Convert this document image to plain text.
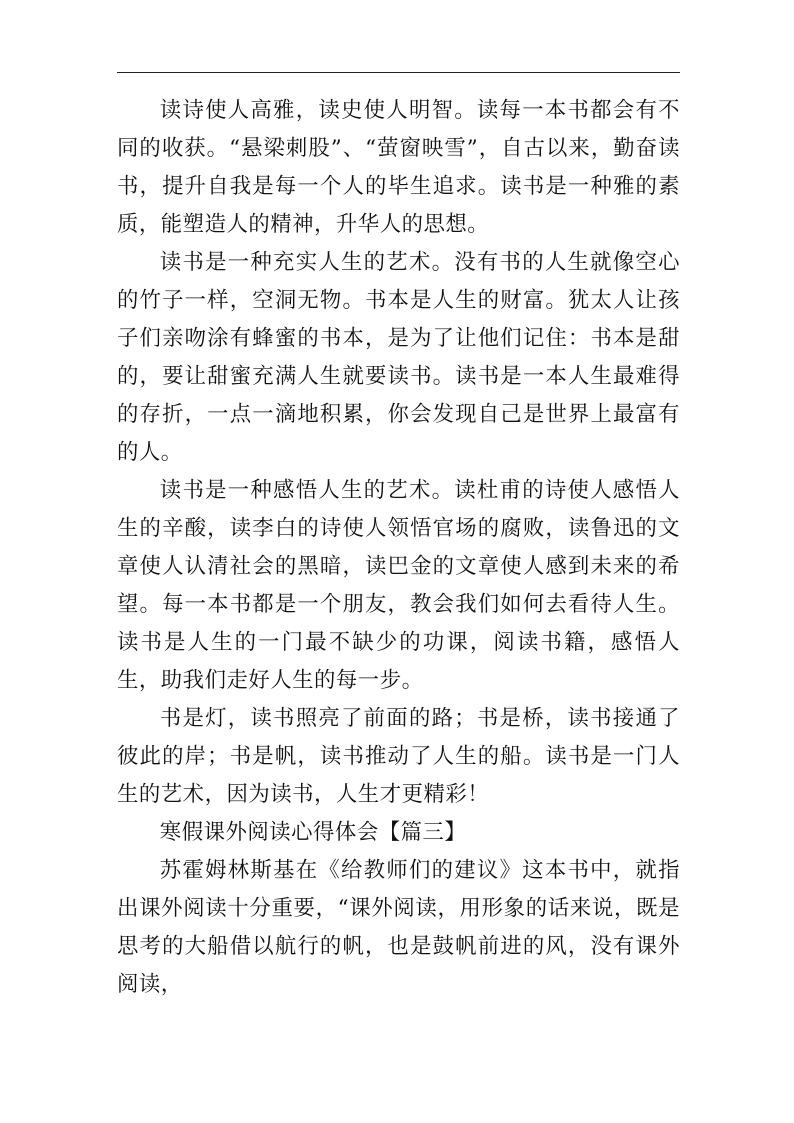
读诗使人高雅，读史使人明智。读每一本书都会有不同的收获。“悬梁刺股”、“萤窗映雪”，自古以来，勤奋读书，提升自我是每一个人的毕生追求。读书是一种雅的素质，能塑造人的精神，升华人的思想。

读书是一种充实人生的艺术。没有书的人生就像空心的竹子一样，空洞无物。书本是人生的财富。犹太人让孩子们亲吻涂有蜂蜜的书本，是为了让他们记住：书本是甜的，要让甜蜜充满人生就要读书。读书是一本人生最难得的存折，一点一滴地积累，你会发现自己是世界上最富有的人。

读书是一种感悟人生的艺术。读杜甫的诗使人感悟人生的辛酸，读李白的诗使人领悟官场的腐败，读鲁迅的文章使人认清社会的黑暗，读巴金的文章使人感到未来的希望。每一本书都是一个朋友，教会我们如何去看待人生。读书是人生的一门最不缺少的功课，阅读书籍，感悟人生，助我们走好人生的每一步。

书是灯，读书照亮了前面的路；书是桥，读书接通了彼此的岸；书是帆，读书推动了人生的船。读书是一门人生的艺术，因为读书，人生才更精彩！

寒假课外阅读心得体会【篇三】

苏霍姆林斯基在《给教师们的建议》这本书中，就指出课外阅读十分重要，“课外阅读，用形象的话来说，既是思考的大船借以航行的帆，也是鼓帆前进的风，没有课外阅读，
